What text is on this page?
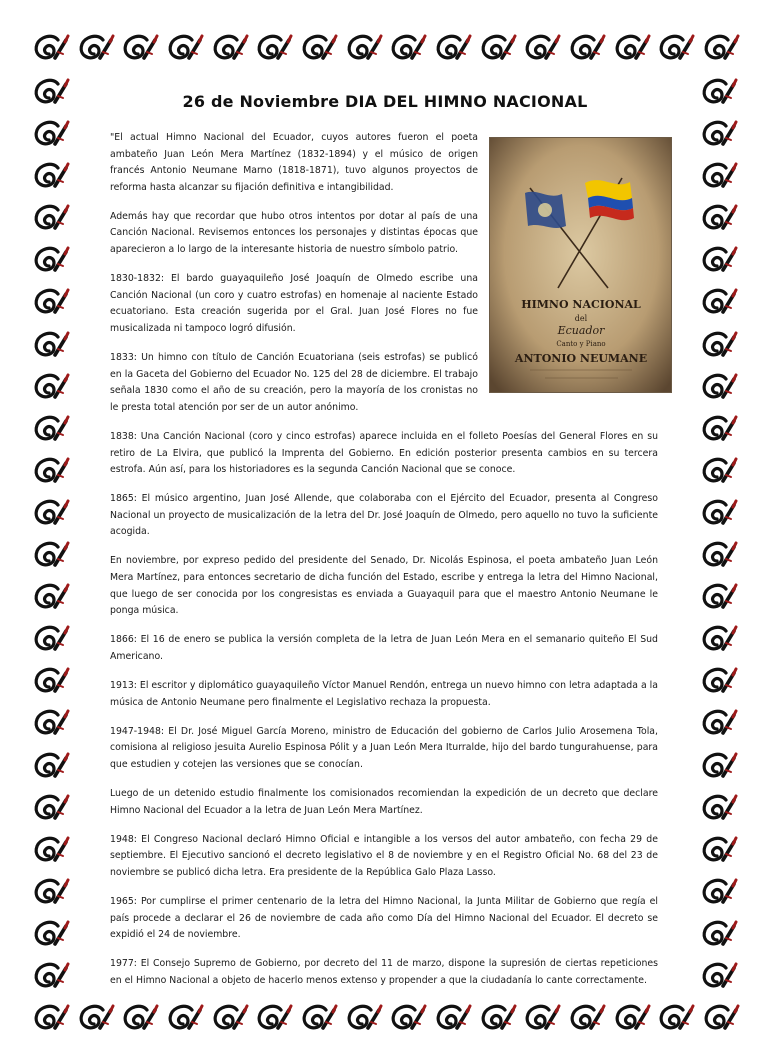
26 de Noviembre DIA DEL HIMNO NACIONAL
HIMNO NACIONAL
del
Ecuador
Canto y Piano
ANTONIO NEUMANE

"El actual Himno Nacional del Ecuador, cuyos autores fueron el poeta ambateño Juan León Mera Martínez (1832-1894) y el músico de origen francés Antonio Neumane Marno (1818-1871), tuvo algunos proyectos de reforma hasta alcanzar su fijación definitiva e intangibilidad.

Además hay que recordar que hubo otros intentos por dotar al país de una Canción Nacional. Revisemos entonces los personajes y distintas épocas que aparecieron a lo largo de la interesante historia de nuestro símbolo patrio.

1830-1832: El bardo guayaquileño José Joaquín de Olmedo escribe una Canción Nacional (un coro y cuatro estrofas) en homenaje al naciente Estado ecuatoriano. Esta creación sugerida por el Gral. Juan José Flores no fue musicalizada ni tampoco logró difusión.

1833: Un himno con título de Canción Ecuatoriana (seis estrofas) se publicó en la Gaceta del Gobierno del Ecuador No. 125 del 28 de diciembre. El trabajo señala 1830 como el año de su creación, pero la mayoría de los cronistas no le presta total atención por ser de un autor anónimo.

1838: Una Canción Nacional (coro y cinco estrofas) aparece incluida en el folleto Poesías del General Flores en su retiro de La Elvira, que publicó la Imprenta del Gobierno. En edición posterior presenta cambios en su tercera estrofa. Aún así, para los historiadores es la segunda Canción Nacional que se conoce.

1865: El músico argentino, Juan José Allende, que colaboraba con el Ejército del Ecuador, presenta al Congreso Nacional un proyecto de musicalización de la letra del Dr. José Joaquín de Olmedo, pero aquello no tuvo la suficiente acogida.

En noviembre, por expreso pedido del presidente del Senado, Dr. Nicolás Espinosa, el poeta ambateño Juan León Mera Martínez, para entonces secretario de dicha función del Estado, escribe y entrega la letra del Himno Nacional, que luego de ser conocida por los congresistas es enviada a Guayaquil para que el maestro Antonio Neumane le ponga música.

1866: El 16 de enero se publica la versión completa de la letra de Juan León Mera en el semanario quiteño El Sud Americano.

1913: El escritor y diplomático guayaquileño Víctor Manuel Rendón, entrega un nuevo himno con letra adaptada a la música de Antonio Neumane pero finalmente el Legislativo rechaza la propuesta.

1947-1948: El Dr. José Miguel García Moreno, ministro de Educación del gobierno de Carlos Julio Arosemena Tola, comisiona al religioso jesuita Aurelio Espinosa Pólit y a Juan León Mera Iturralde, hijo del bardo tungurahuense, para que estudien y cotejen las versiones que se conocían.

Luego de un detenido estudio finalmente los comisionados recomiendan la expedición de un decreto que declare Himno Nacional del Ecuador a la letra de Juan León Mera Martínez.

1948: El Congreso Nacional declaró Himno Oficial e intangible a los versos del autor ambateño, con fecha 29 de septiembre. El Ejecutivo sancionó el decreto legislativo el 8 de noviembre y en el Registro Oficial No. 68 del 23 de noviembre se publicó dicha letra. Era presidente de la República Galo Plaza Lasso.

1965: Por cumplirse el primer centenario de la letra del Himno Nacional, la Junta Militar de Gobierno que regía el país procede a declarar el 26 de noviembre de cada año como Día del Himno Nacional del Ecuador. El decreto se expidió el 24 de noviembre.

1977: El Consejo Supremo de Gobierno, por decreto del 11 de marzo, dispone la supresión de ciertas repeticiones en el Himno Nacional a objeto de hacerlo menos extenso y propender a que la ciudadanía lo cante correctamente.
